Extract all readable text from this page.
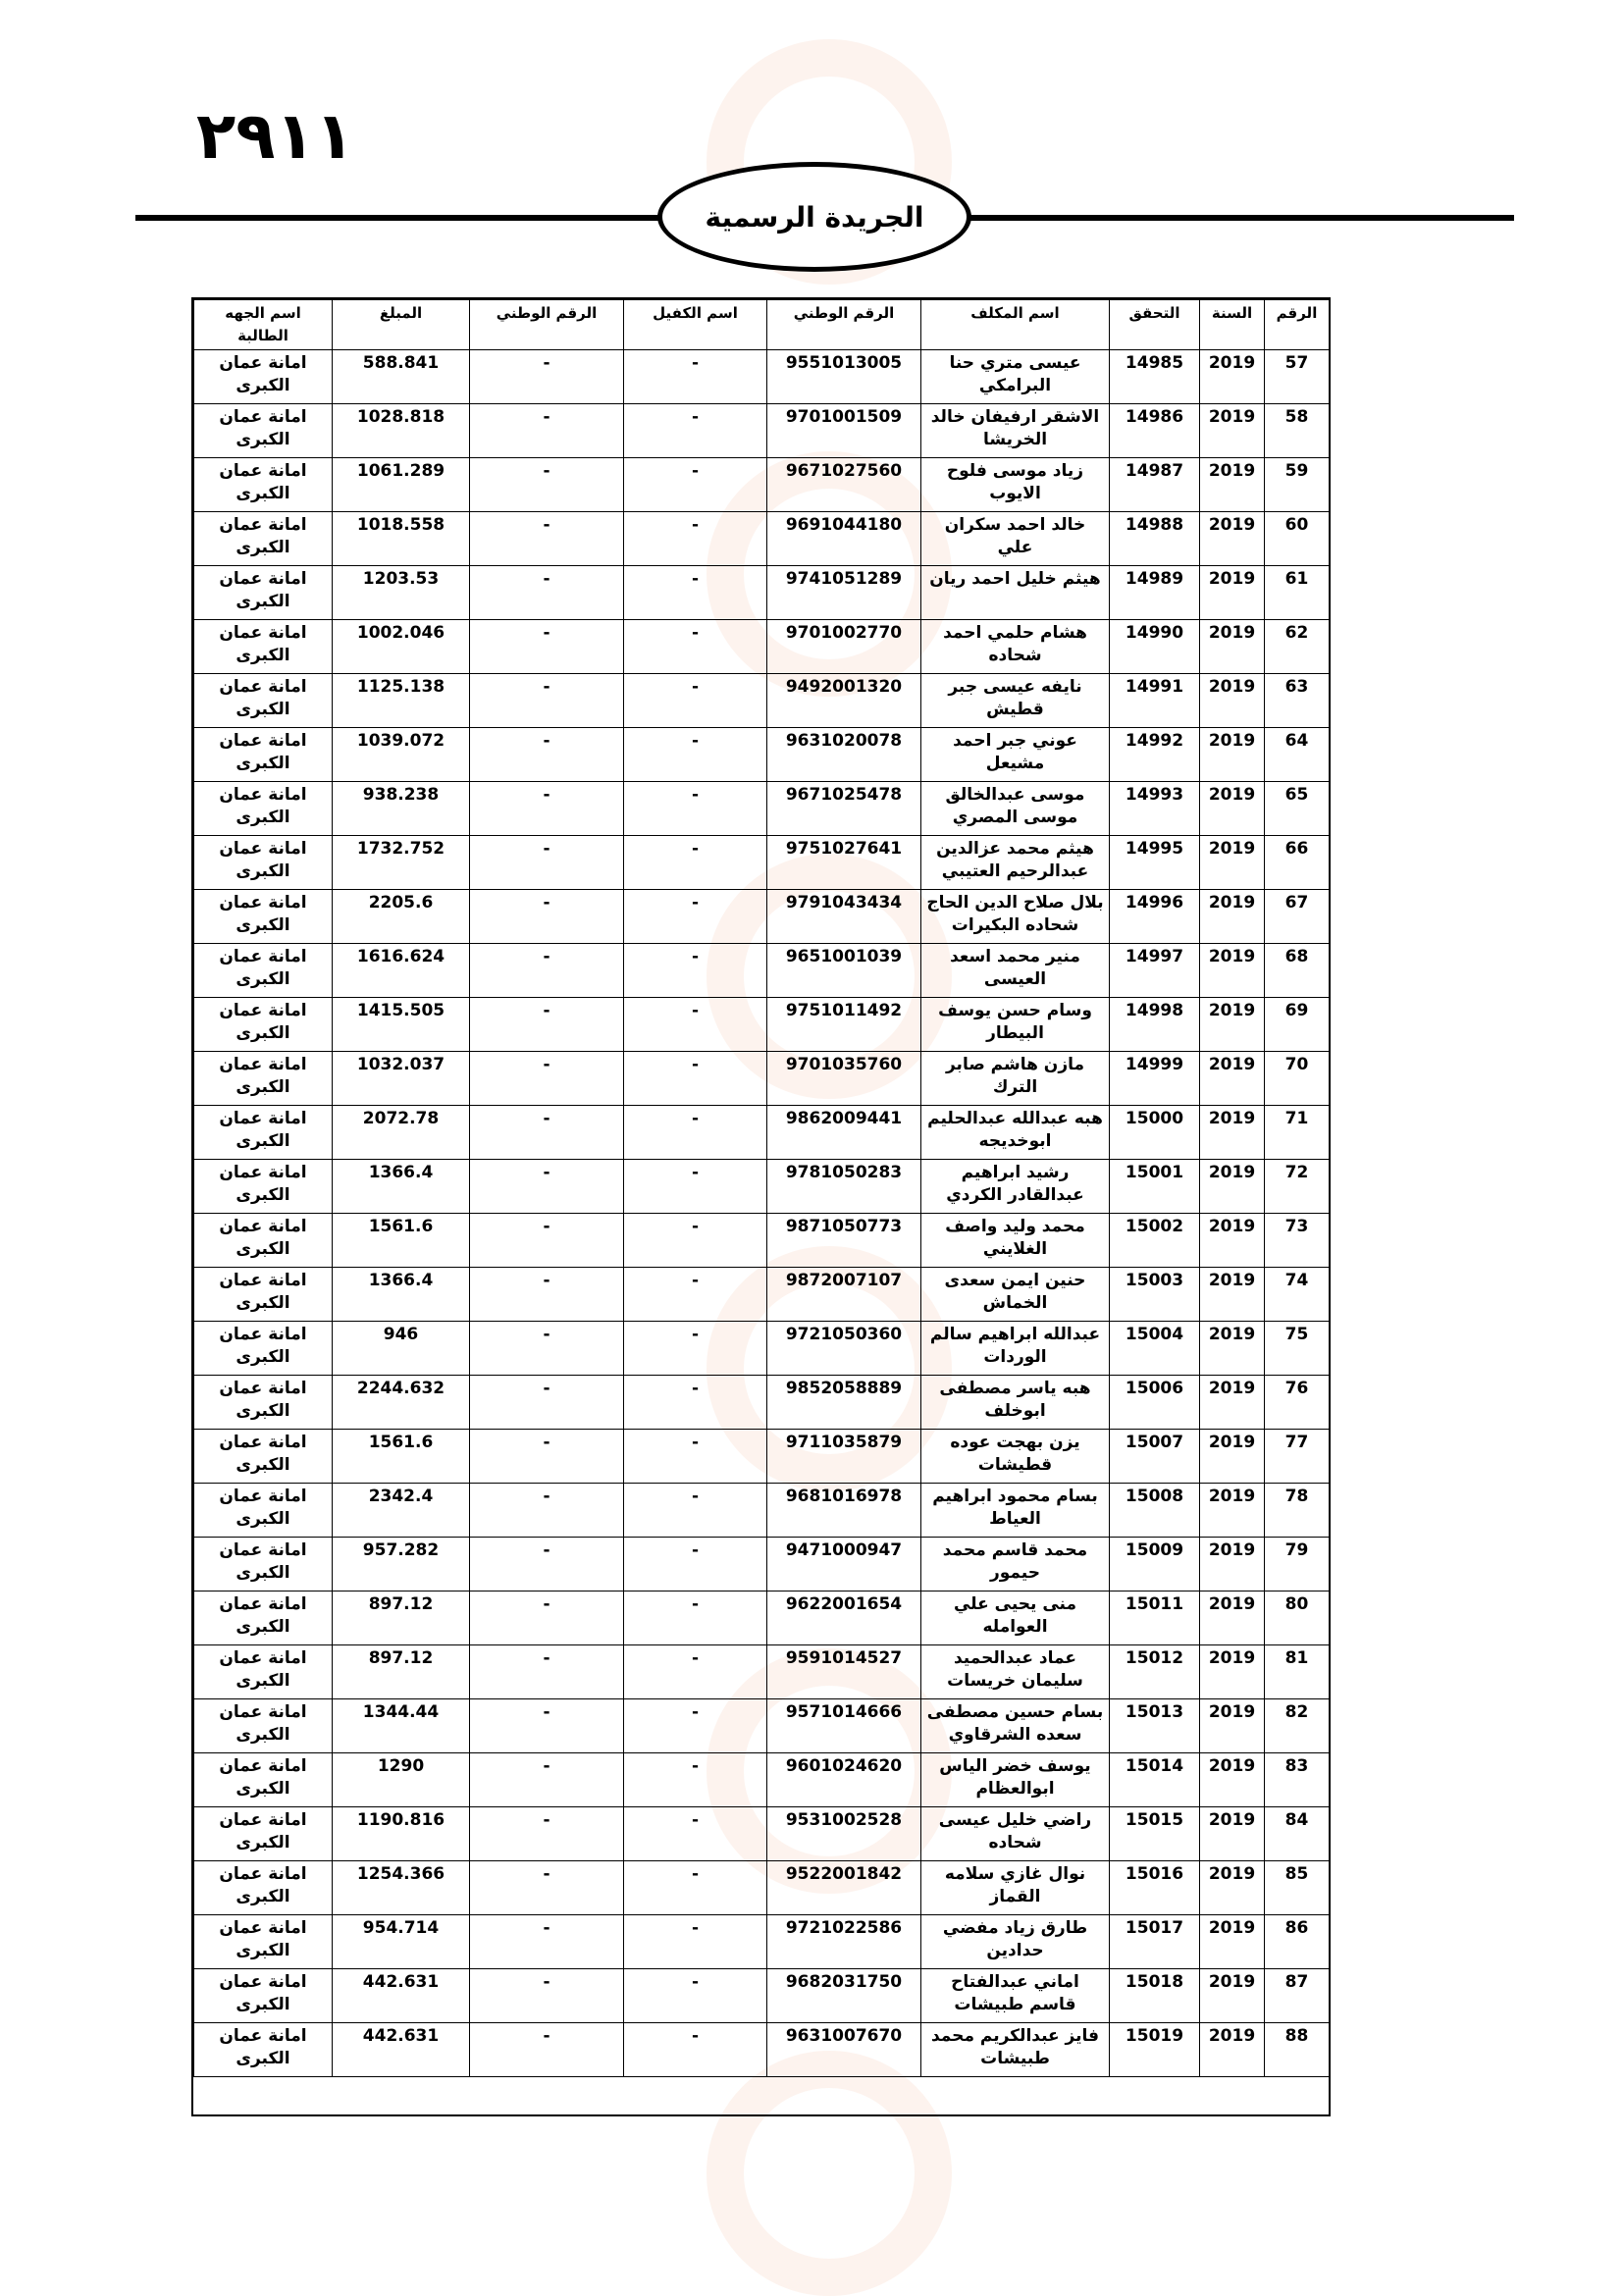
٢٩١١
الجريدة الرسمية
الرقم	السنة	التحقق	اسم المكلف	الرقم الوطني	اسم الكفيل	الرقم الوطني	المبلغ	اسم الجهه الطالبة
57	2019	14985	عيسى متري حنا البرامكي	9551013005	-	-	588.841	امانة عمان الكبرى
58	2019	14986	الاشقر ارفيفان خالد الخريشا	9701001509	-	-	1028.818	امانة عمان الكبرى
59	2019	14987	زياد موسى فلوح الايوب	9671027560	-	-	1061.289	امانة عمان الكبرى
60	2019	14988	خالد احمد سكران علي	9691044180	-	-	1018.558	امانة عمان الكبرى
61	2019	14989	هيثم خليل احمد ريان	9741051289	-	-	1203.53	امانة عمان الكبرى
62	2019	14990	هشام حلمي احمد شحاده	9701002770	-	-	1002.046	امانة عمان الكبرى
63	2019	14991	نايفه عيسى جبر قطيش	9492001320	-	-	1125.138	امانة عمان الكبرى
64	2019	14992	عوني جبر احمد مشيعل	9631020078	-	-	1039.072	امانة عمان الكبرى
65	2019	14993	موسى عبدالخالق موسى المصري	9671025478	-	-	938.238	امانة عمان الكبرى
66	2019	14995	هيثم محمد عزالدين عبدالرحيم العتيبي	9751027641	-	-	1732.752	امانة عمان الكبرى
67	2019	14996	بلال صلاح الدين الحاج شحاده البكيرات	9791043434	-	-	2205.6	امانة عمان الكبرى
68	2019	14997	منير محمد اسعد العيسى	9651001039	-	-	1616.624	امانة عمان الكبرى
69	2019	14998	وسام حسن يوسف البيطار	9751011492	-	-	1415.505	امانة عمان الكبرى
70	2019	14999	مازن هاشم صابر الترك	9701035760	-	-	1032.037	امانة عمان الكبرى
71	2019	15000	هبه عبدالله عبدالحليم ابوخديجه	9862009441	-	-	2072.78	امانة عمان الكبرى
72	2019	15001	رشيد ابراهيم عبدالقادر الكردي	9781050283	-	-	1366.4	امانة عمان الكبرى
73	2019	15002	محمد وليد واصف الغلايني	9871050773	-	-	1561.6	امانة عمان الكبرى
74	2019	15003	حنين ايمن سعدى الخماش	9872007107	-	-	1366.4	امانة عمان الكبرى
75	2019	15004	عبدالله ابراهيم سالم الوردات	9721050360	-	-	946	امانة عمان الكبرى
76	2019	15006	هبه ياسر مصطفى ابوخلف	9852058889	-	-	2244.632	امانة عمان الكبرى
77	2019	15007	يزن بهجت عوده قطيشات	9711035879	-	-	1561.6	امانة عمان الكبرى
78	2019	15008	بسام محمود ابراهيم العياط	9681016978	-	-	2342.4	امانة عمان الكبرى
79	2019	15009	محمد قاسم محمد حيمور	9471000947	-	-	957.282	امانة عمان الكبرى
80	2019	15011	منى يحيى علي العوامله	9622001654	-	-	897.12	امانة عمان الكبرى
81	2019	15012	عماد عبدالحميد سليمان خريسات	9591014527	-	-	897.12	امانة عمان الكبرى
82	2019	15013	بسام حسين مصطفى سعده الشرقاوي	9571014666	-	-	1344.44	امانة عمان الكبرى
83	2019	15014	يوسف خضر الياس ابوالعظام	9601024620	-	-	1290	امانة عمان الكبرى
84	2019	15015	راضي خليل عيسى شحاده	9531002528	-	-	1190.816	امانة عمان الكبرى
85	2019	15016	نوال غازي سلامه القماز	9522001842	-	-	1254.366	امانة عمان الكبرى
86	2019	15017	طارق زياد مفضي حدادين	9721022586	-	-	954.714	امانة عمان الكبرى
87	2019	15018	اماني عبدالفتاح قاسم طبيشات	9682031750	-	-	442.631	امانة عمان الكبرى
88	2019	15019	فايز عبدالكريم محمد طبيشات	9631007670	-	-	442.631	امانة عمان الكبرى
